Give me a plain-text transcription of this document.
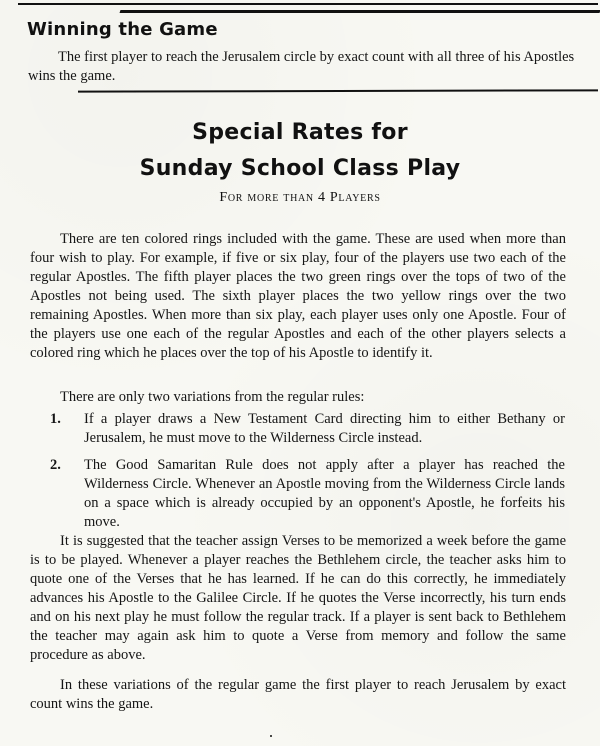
Winning the Game
The first player to reach the Jerusalem circle by exact count with all three of his Apostles wins the game.
Special Rates for
Sunday School Class Play
For more than 4 Players
There are ten colored rings included with the game. These are used when more than four wish to play. For example, if five or six play, four of the players use two each of the regular Apostles. The fifth player places the two green rings over the tops of two of the Apostles not being used. The sixth player places the two yellow rings over the two remaining Apostles. When more than six play, each player uses only one Apostle. Four of the players use one each of the regular Apostles and each of the other players selects a colored ring which he places over the top of his Apostle to identify it.
There are only two variations from the regular rules:
1.	If a player draws a New Testament Card directing him to either Bethany or Jerusalem, he must move to the Wilderness Circle instead.
2.	The Good Samaritan Rule does not apply after a player has reached the Wilderness Circle. Whenever an Apostle moving from the Wilderness Circle lands on a space which is already occupied by an opponent's Apostle, he forfeits his move.
It is suggested that the teacher assign Verses to be memorized a week before the game is to be played. Whenever a player reaches the Bethlehem circle, the teacher asks him to quote one of the Verses that he has learned. If he can do this correctly, he immediately advances his Apostle to the Galilee Circle. If he quotes the Verse incorrectly, his turn ends and on his next play he must follow the regular track. If a player is sent back to Bethlehem the teacher may again ask him to quote a Verse from memory and follow the same procedure as above.
In these variations of the regular game the first player to reach Jerusalem by exact count wins the game.
